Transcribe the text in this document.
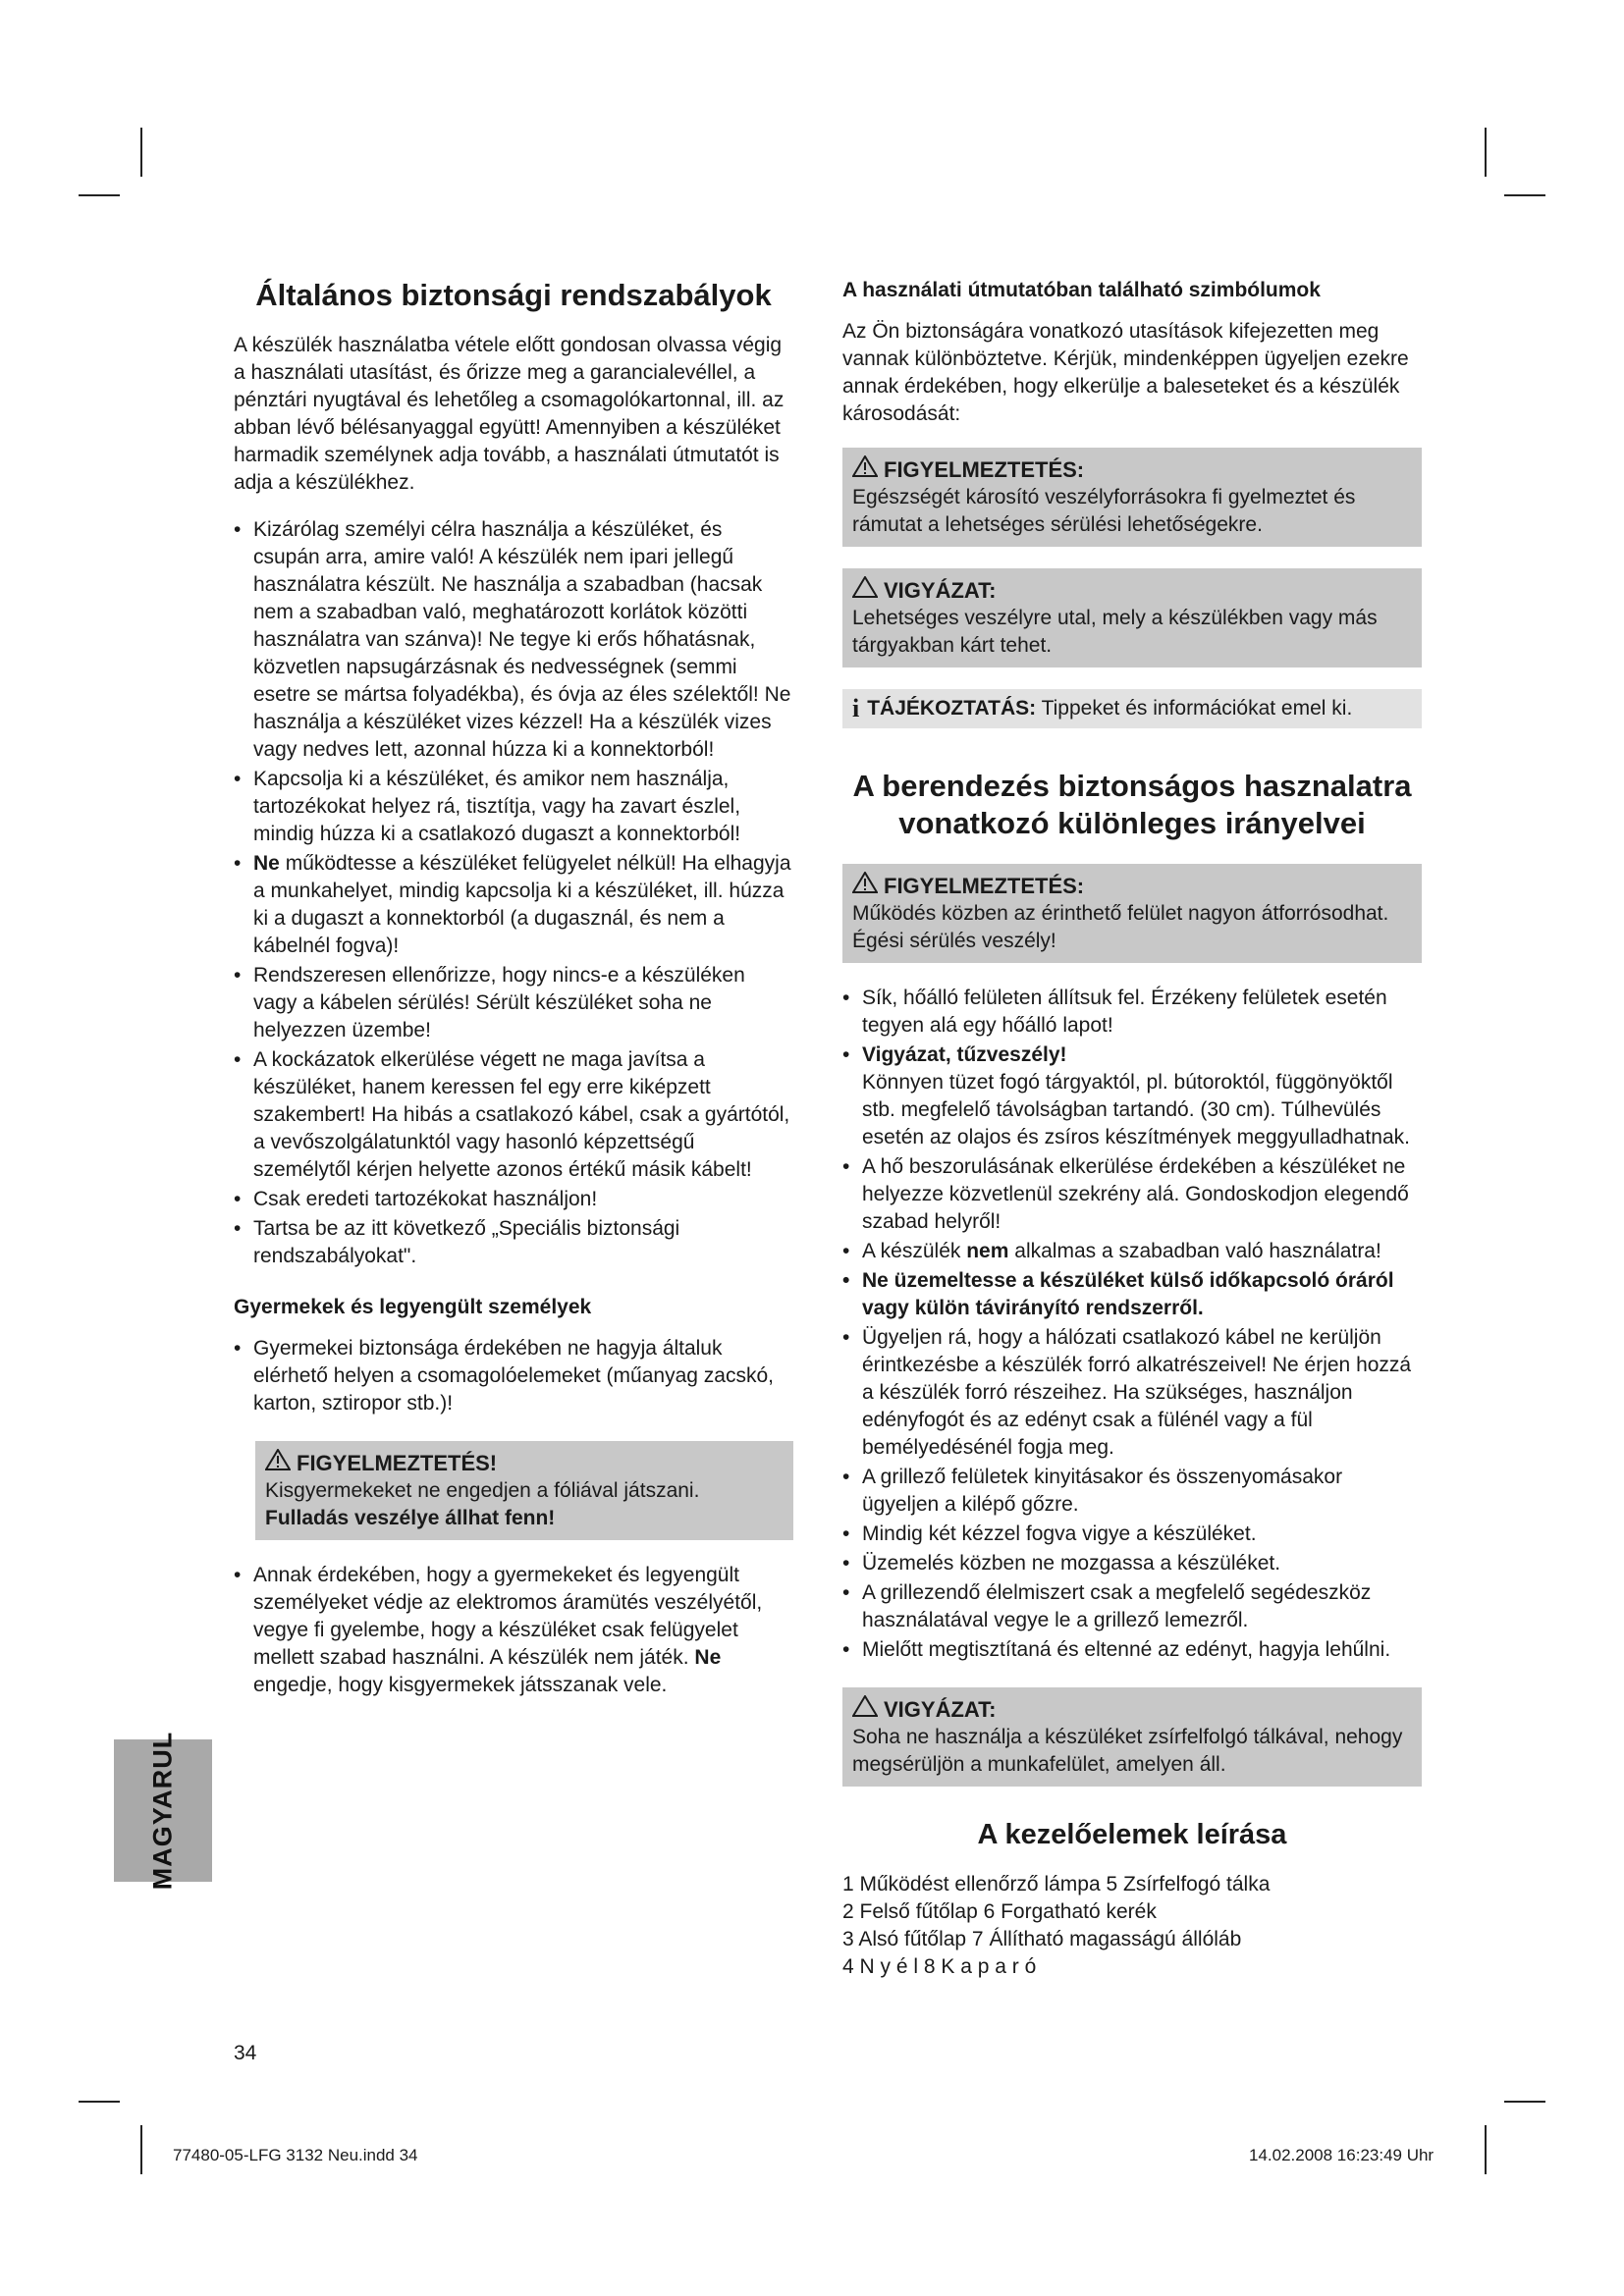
Általános biztonsági rendszabályok

A készülék használatba vétele előtt gondosan olvassa végig a használati utasítást, és őrizze meg a garancialevéllel, a pénztári nyugtával és lehetőleg a csomagolókartonnal, ill. az abban lévő bélésanyaggal együtt! Amennyiben a készüléket harmadik személynek adja tovább, a használati útmutatót is adja a készülékhez.

• Kizárólag személyi célra használja a készüléket, és csupán arra, amire való! A készülék nem ipari jellegű használatra készült. Ne használja a szabadban (hacsak nem a szabadban való, meghatározott korlátok közötti használatra van szánva)! Ne tegye ki erős hőhatásnak, közvetlen napsugárzásnak és nedvességnek (semmi esetre se mártsa folyadékba), és óvja az éles szélektől! Ne használja a készüléket vizes kézzel! Ha a készülék vizes vagy nedves lett, azonnal húzza ki a konnektorból!
• Kapcsolja ki a készüléket, és amikor nem használja, tartozékokat helyez rá, tisztítja, vagy ha zavart észlel, mindig húzza ki a csatlakozó dugaszt a konnektorból!
• Ne működtesse a készüléket felügyelet nélkül! Ha elhagyja a munkahelyet, mindig kapcsolja ki a készüléket, ill. húzza ki a dugaszt a konnektorból (a dugasznál, és nem a kábelnél fogva)!
• Rendszeresen ellenőrizze, hogy nincs-e a készüléken vagy a kábelen sérülés! Sérült készüléket soha ne helyezzen üzembe!
• A kockázatok elkerülése végett ne maga javítsa a készüléket, hanem keressen fel egy erre kiképzett szakembert! Ha hibás a csatlakozó kábel, csak a gyártótól, a vevőszolgálatunktól vagy hasonló képzettségű személytől kérjen helyette azonos értékű másik kábelt!
• Csak eredeti tartozékokat használjon!
• Tartsa be az itt következő „Speciális biztonsági rendszabályokat".
Gyermekek és legyengült személyek
• Gyermekei biztonsága érdekében ne hagyja általuk elérhető helyen a csomagolóelemeket (műanyag zacskó, karton, sztiropor stb.)!
FIGYELMEZTETÉS!
Kisgyermekeket ne engedjen a fóliával játszani. Fulladás veszélye állhat fenn!
• Annak érdekében, hogy a gyermekeket és legyengült személyeket védje az elektromos áramütés veszélyétől, vegye fi gyelembe, hogy a készüléket csak felügyelet mellett szabad használni. A készülék nem játék. Ne engedje, hogy kisgyermekek játsszanak vele.
A használati útmutatóban található szimbólumok

Az Ön biztonságára vonatkozó utasítások kifejezetten meg vannak különböztetve. Kérjük, mindenképpen ügyeljen ezekre annak érdekében, hogy elkerülje a baleseteket és a készülék károsodását:

FIGYELMEZTETÉS:
Egészségét károsító veszélyforrásokra fi gyelmeztet és rámutat a lehetséges sérülési lehetőségekre.
VIGYÁZAT:
Lehetséges veszélyre utal, mely a készülékben vagy más tárgyakban kárt tehet.
i TÁJÉKOZTATÁS: Tippeket és információkat emel ki.
A berendezés biztonságos hasznalatra
vonatkozó különleges irányelvei
FIGYELMEZTETÉS:
Működés közben az érinthető felület nagyon átforrósodhat. Égési sérülés veszély!
• Sík, hőálló felületen állítsuk fel. Érzékeny felületek esetén tegyen alá egy hőálló lapot!
• Vigyázat, tűzveszély!
Könnyen tüzet fogó tárgyaktól, pl. bútoroktól, függönyöktől stb. megfelelő távolságban tartandó. (30 cm). Túlhevülés esetén az olajos és zsíros készítmények meggyulladhatnak.
• A hő beszorulásának elkerülése érdekében a készüléket ne helyezze közvetlenül szekrény alá. Gondoskodjon elegendő szabad helyről!
• A készülék nem alkalmas a szabadban való használatra!
• Ne üzemeltesse a készüléket külső időkapcsoló óráról vagy külön távirányító rendszerről.
• Ügyeljen rá, hogy a hálózati csatlakozó kábel ne kerüljön érintkezésbe a készülék forró alkatrészeivel! Ne érjen hozzá a készülék forró részeihez. Ha szükséges, használjon edényfogót és az edényt csak a fülénél vagy a fül bemélyedésénél fogja meg.
• A grillező felületek kinyitásakor és összenyomásakor ügyeljen a kilépő gőzre.
• Mindig két kézzel fogva vigye a készüléket.
• Üzemelés közben ne mozgassa a készüléket.
• A grillezendő élelmiszert csak a megfelelő segédeszköz használatával vegye le a grillező lemezről.
• Mielőtt megtisztítaná és eltenné az edényt, hagyja lehűlni.
VIGYÁZAT:
Soha ne használja a készüléket zsírfelfolgó tálkával, nehogy megsérüljön a munkafelület, amelyen áll.
A kezelőelemek leírása
1 Működést ellenőrző lámpa 5 Zsírfelfogó tálka
2 Felső fűtőlap 6 Forgatható kerék
3 Alsó fűtőlap 7 Állítható magasságú állóláb
4 N y é l 8 K a p a r ó
MAGYARUL
34
77480-05-LFG 3132 Neu.indd 34	14.02.2008 16:23:49 Uhr
